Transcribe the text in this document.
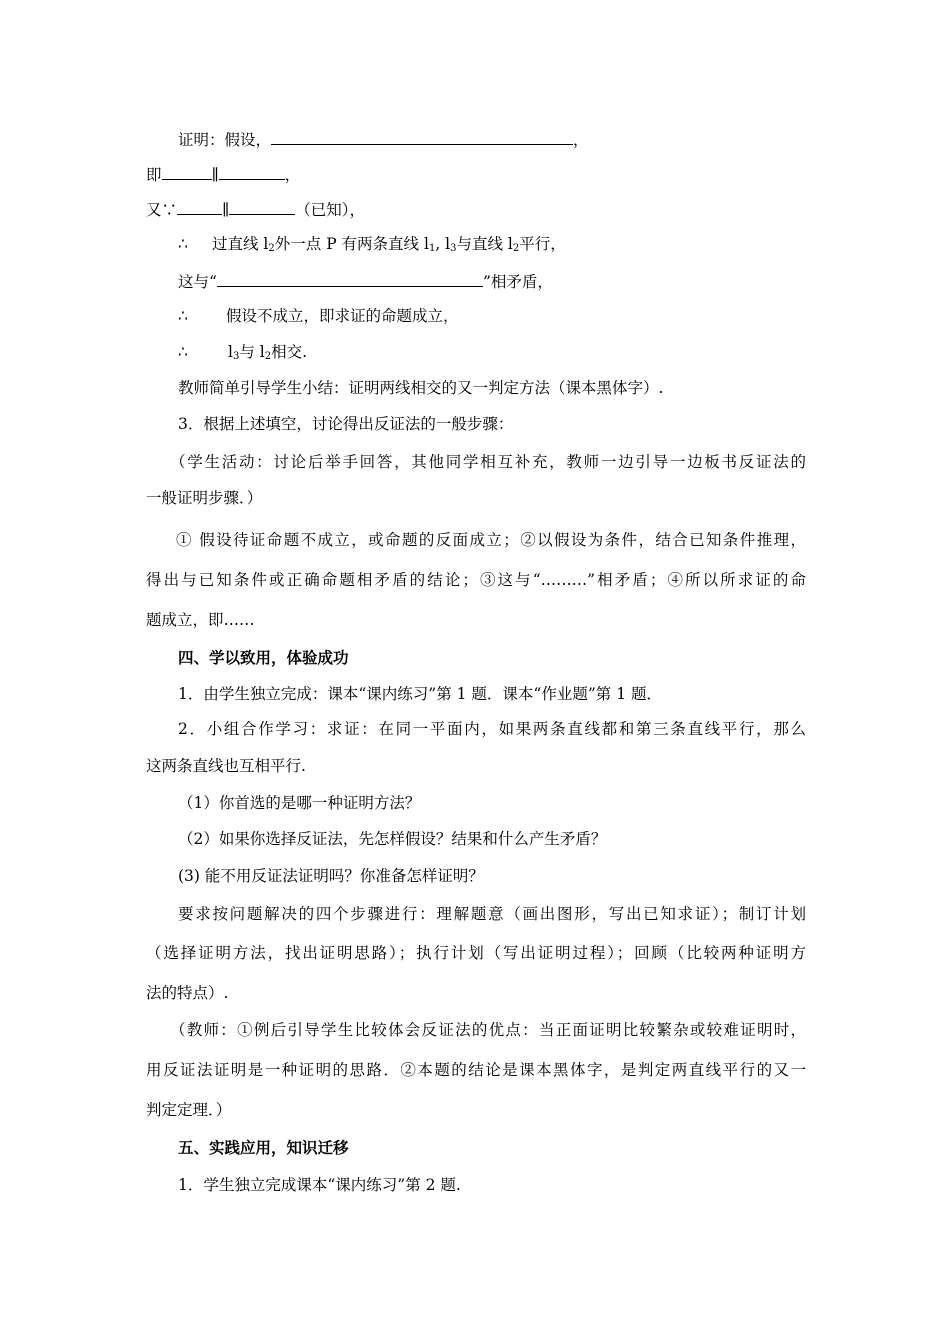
证明：假设，	，
即	∥	，
又∵	∥	（已知），
∴ 过直线 $l_2$外一点 P 有两条直线 $l_1$, $l_3$与直线 $l_2$平行，
这与“	”相矛盾，
∴ 假设不成立，即求证的命题成立，
∴	$l_3$与 $l_2$相交.
教师简单引导学生小结：证明两线相交的又一判定方法（课本黑体字）.
3．根据上述填空，讨论得出反证法的一般步骤：
（学生活动：讨论后举手回答，其他同学相互补充，教师一边引导一边板书反证法的
一般证明步骤．）
① 假设待证命题不成立，或命题的反面成立；②以假设为条件，结合已知条件推理，
得出与已知条件或正确命题相矛盾的结论；③这与“………”相矛盾；④所以所求证的命
题成立，即……
四、学以致用，体验成功
1．由学生独立完成：课本“课内练习”第 1 题．课本“作业题”第 1 题．
2．小组合作学习：求证：在同一平面内，如果两条直线都和第三条直线平行，那么
这两条直线也互相平行.
（1）你首选的是哪一种证明方法？
（2）如果你选择反证法，先怎样假设？结果和什么产生矛盾？
(3) 能不用反证法证明吗？你准备怎样证明？
要求按问题解决的四个步骤进行：理解题意（画出图形，写出已知求证）；制订计划
（选择证明方法，找出证明思路）；执行计划（写出证明过程）；回顾（比较两种证明方
法的特点）.
（教师：①例后引导学生比较体会反证法的优点：当正面证明比较繁杂或较难证明时，
用反证法证明是一种证明的思路．②本题的结论是课本黑体字，是判定两直线平行的又一
判定定理．）
五、实践应用，知识迁移
1．学生独立完成课本“课内练习”第 2 题.
